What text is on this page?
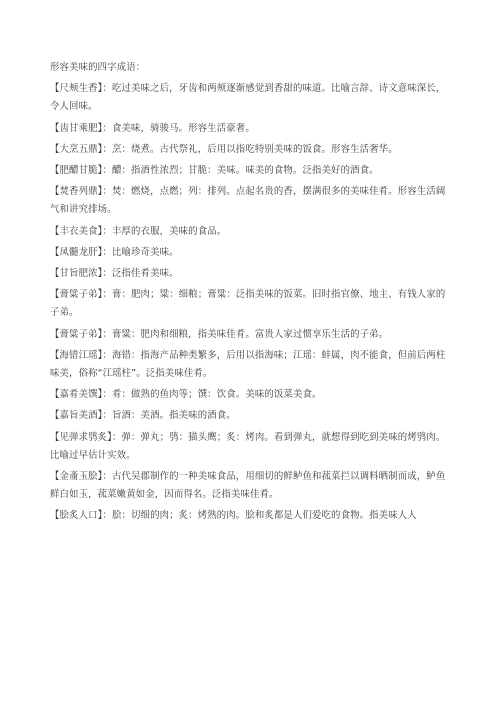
形容美味的四字成语：

【尺颊生香】：吃过美味之后，牙齿和两颊逐渐感觉到香甜的味道。比喻言辞、诗文意味深长，令人回味。

【齿甘乘肥】：食美味，骑骏马。形容生活豪奢。

【大烹五鼎】：烹：烧煮。古代祭礼，后用以指吃特别美味的饭食。形容生活奢华。

【肥醲甘脆】：醲：指酒性浓烈；甘脆：美味。味美的食物。泛指美好的酒食。

【焚香列鼎】：焚：燃烧，点燃；列：排列。点起名贵的香，摆满很多的美味佳肴。形容生活阔气和讲究排场。

【丰衣美食】：丰厚的衣服，美味的食品。

【凤髓龙肝】：比喻珍奇美味。

【甘旨肥浓】：泛指佳肴美味。

【膏粱子弟】：膏：肥肉；粱：细粮；膏粱：泛指美味的饭菜。旧时指官僚、地主、有钱人家的子弟。

【膏粱子弟】：膏粱：肥肉和细粮，指美味佳肴。富贵人家过惯享乐生活的子弟。

【海错江瑶】：海错：指海产品种类繁多，后用以指海味；江瑶：蚌属，肉不能食，但前后两柱味美，俗称“江瑶柱”。泛指美味佳肴。

【嘉肴美馔】：肴：做熟的鱼肉等；馔：饮食。美味的饭菜美食。

【嘉旨美酒】：旨酒：美酒。指美味的酒食。

【见弹求鸮炙】：弹：弹丸；鸮：猫头鹰；炙：烤肉。看到弹丸，就想得到吃到美味的烤鸮肉。比喻过早估计实效。

【金齑玉脍】：古代吴郡制作的一种美味食品，用细切的鲜鲈鱼和菰菜拦以调料晒制而成，鲈鱼鲜白如玉，菰菜嫩黄如金，因而得名。泛指美味佳肴。

【脍炙人口】：脍：切细的肉；炙：烤熟的肉。脍和炙都是人们爱吃的食物。指美味人人
